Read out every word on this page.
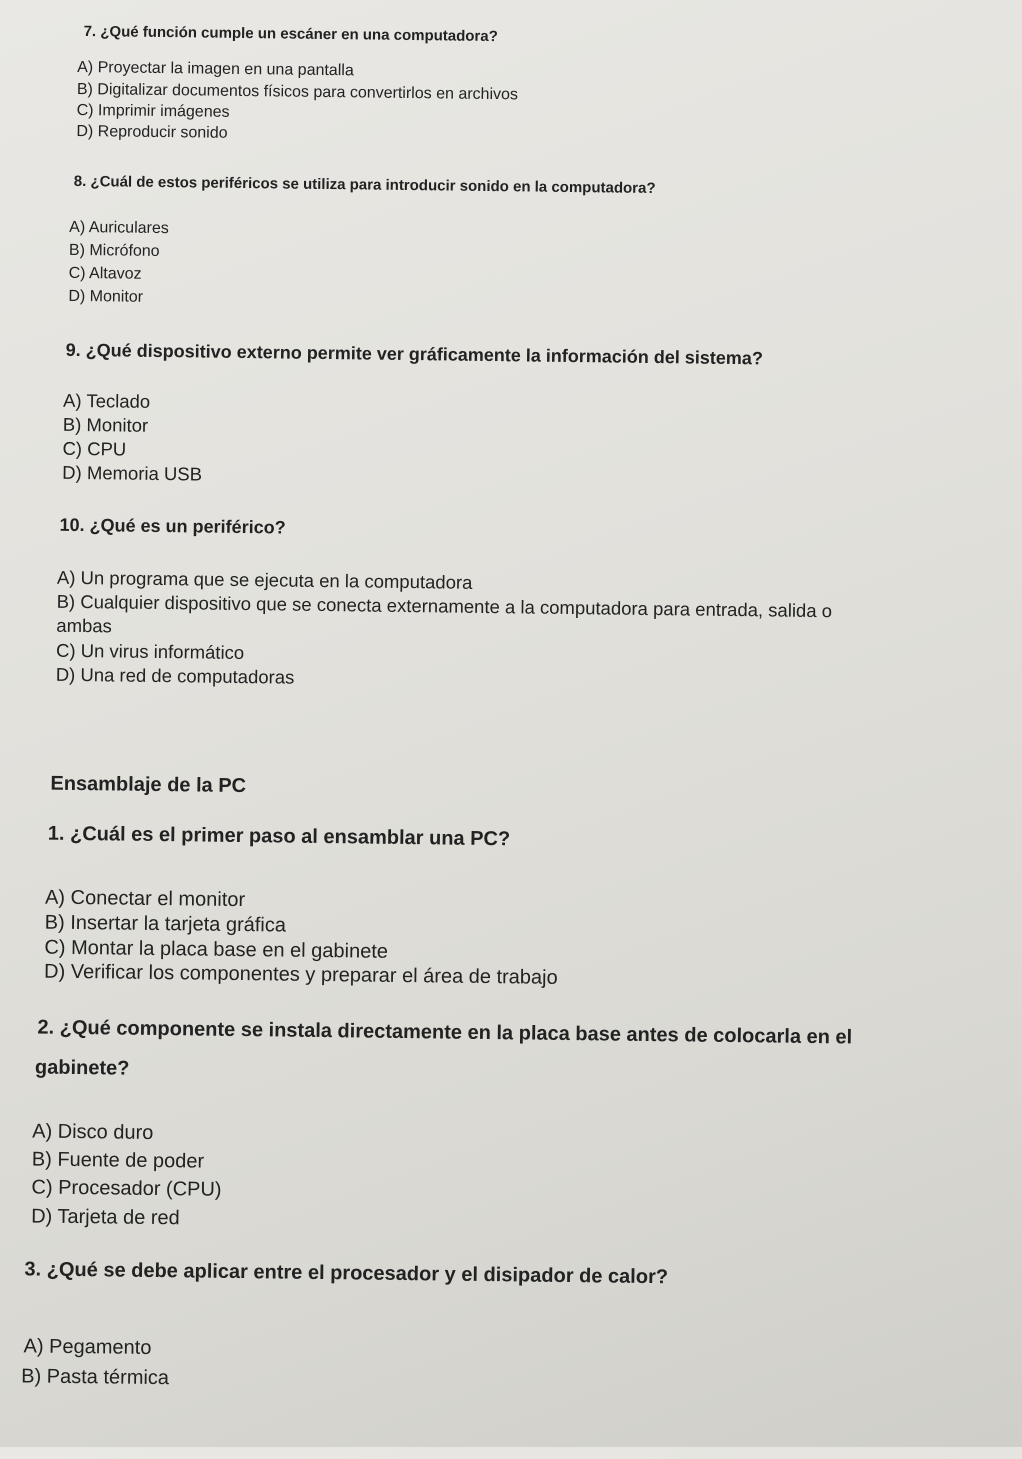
7. ¿Qué función cumple un escáner en una computadora?

A) Proyectar la imagen en una pantalla

B) Digitalizar documentos físicos para convertirlos en archivos

C) Imprimir imágenes

D) Reproducir sonido

8. ¿Cuál de estos periféricos se utiliza para introducir sonido en la computadora?

A) Auriculares

B) Micrófono

C) Altavoz

D) Monitor

9. ¿Qué dispositivo externo permite ver gráficamente la información del sistema?

A) Teclado

B) Monitor

C) CPU

D) Memoria USB

10. ¿Qué es un periférico?

A) Un programa que se ejecuta en la computadora

B) Cualquier dispositivo que se conecta externamente a la computadora para entrada, salida o

ambas

C) Un virus informático

D) Una red de computadoras

Ensamblaje de la PC

1. ¿Cuál es el primer paso al ensamblar una PC?

A) Conectar el monitor

B) Insertar la tarjeta gráfica

C) Montar la placa base en el gabinete

D) Verificar los componentes y preparar el área de trabajo

2. ¿Qué componente se instala directamente en la placa base antes de colocarla en el

gabinete?

A) Disco duro

B) Fuente de poder

C) Procesador (CPU)

D) Tarjeta de red

3. ¿Qué se debe aplicar entre el procesador y el disipador de calor?

A) Pegamento

B) Pasta térmica
